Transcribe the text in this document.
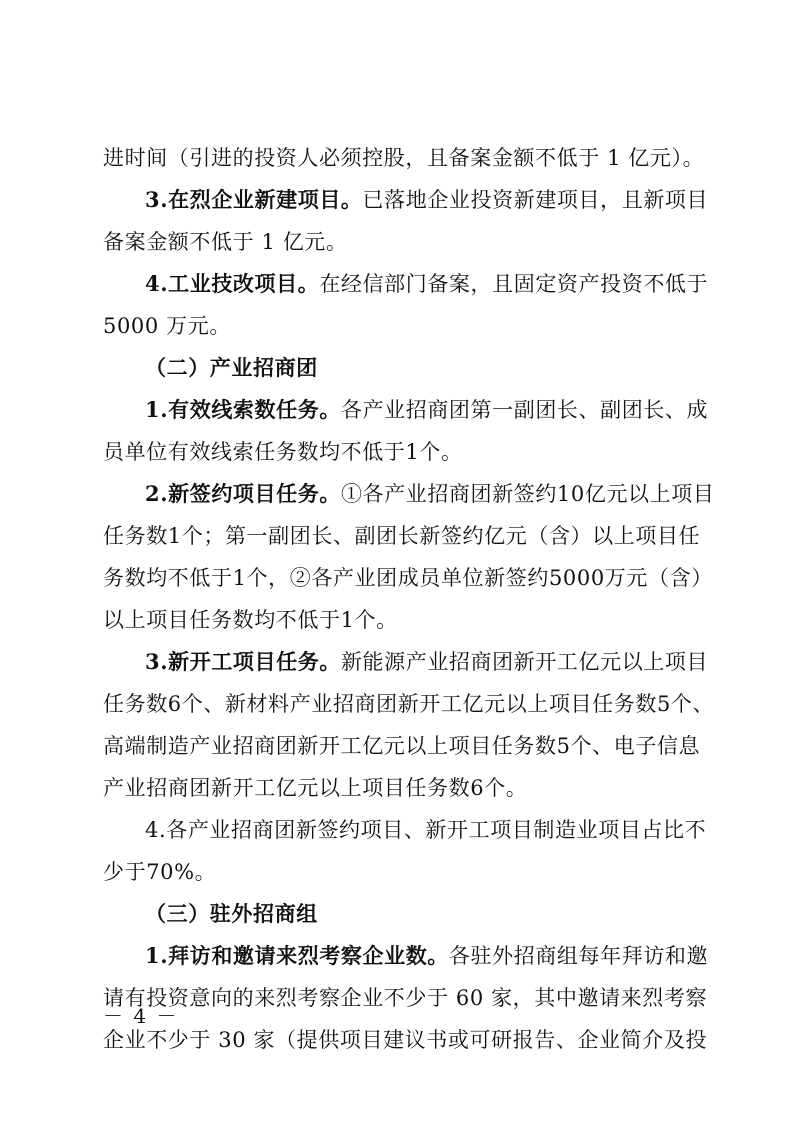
进时间（引进的投资人必须控股，且备案金额不低于 1 亿元）。

3.在烈企业新建项目。已落地企业投资新建项目，且新项目

备案金额不低于 1 亿元。

4.工业技改项目。在经信部门备案，且固定资产投资不低于

5000 万元。

（二）产业招商团

1.有效线索数任务。各产业招商团第一副团长、副团长、成

员单位有效线索任务数均不低于1个。

2.新签约项目任务。①各产业招商团新签约10亿元以上项目

任务数1个；第一副团长、副团长新签约亿元（含）以上项目任

务数均不低于1个，②各产业团成员单位新签约5000万元（含）

以上项目任务数均不低于1个。

3.新开工项目任务。新能源产业招商团新开工亿元以上项目

任务数6个、新材料产业招商团新开工亿元以上项目任务数5个、

高端制造产业招商团新开工亿元以上项目任务数5个、电子信息

产业招商团新开工亿元以上项目任务数6个。

4.各产业招商团新签约项目、新开工项目制造业项目占比不

少于70%。

（三）驻外招商组

1.拜访和邀请来烈考察企业数。各驻外招商组每年拜访和邀

请有投资意向的来烈考察企业不少于 60 家，其中邀请来烈考察

企业不少于 30 家（提供项目建议书或可研报告、企业简介及投

－ 4 －
